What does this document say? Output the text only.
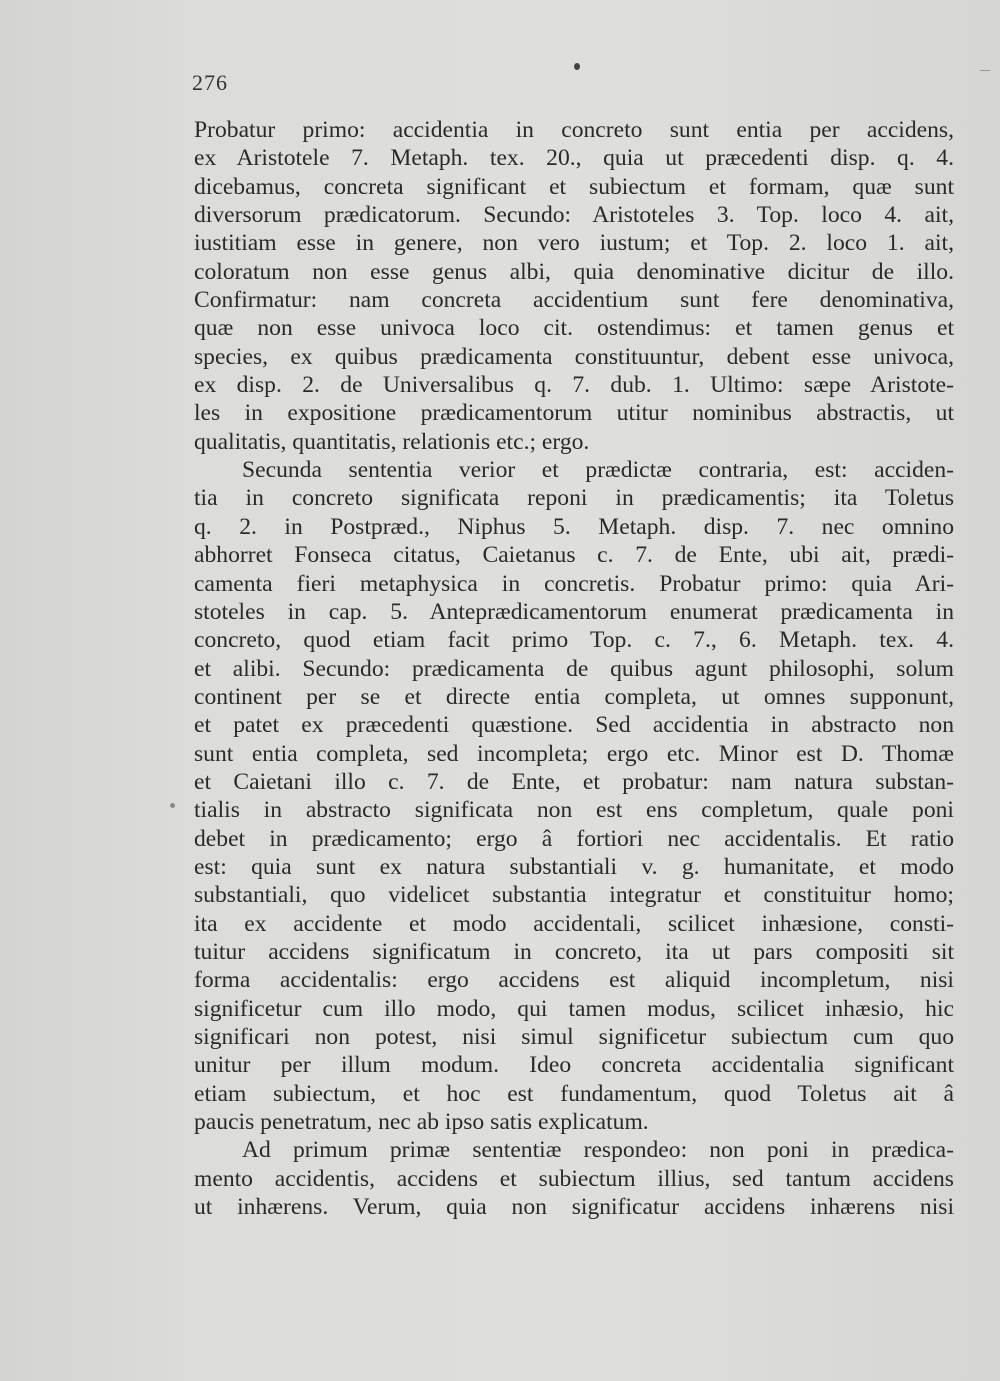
276
Probatur primo: accidentia in concreto sunt entia per accidens,
ex Aristotele 7. Metaph. tex. 20., quia ut præcedenti disp. q. 4.
dicebamus, concreta significant et subiectum et formam, quæ sunt
diversorum prædicatorum. Secundo: Aristoteles 3. Top. loco 4. ait,
iustitiam esse in genere, non vero iustum; et Top. 2. loco 1. ait,
coloratum non esse genus albi, quia denominative dicitur de illo.
Confirmatur: nam concreta accidentium sunt fere denominativa,
quæ non esse univoca loco cit. ostendimus: et tamen genus et
species, ex quibus prædicamenta constituuntur, debent esse univoca,
ex disp. 2. de Universalibus q. 7. dub. 1. Ultimo: sæpe Aristote-
les in expositione prædicamentorum utitur nominibus abstractis, ut
qualitatis, quantitatis, relationis etc.; ergo.
Secunda sententia verior et prædictæ contraria, est: acciden-
tia in concreto significata reponi in prædicamentis; ita Toletus
q. 2. in Postpræd., Niphus 5. Metaph. disp. 7. nec omnino
abhorret Fonseca citatus, Caietanus c. 7. de Ente, ubi ait, prædi-
camenta fieri metaphysica in concretis. Probatur primo: quia Ari-
stoteles in cap. 5. Anteprædicamentorum enumerat prædicamenta in
concreto, quod etiam facit primo Top. c. 7., 6. Metaph. tex. 4.
et alibi. Secundo: prædicamenta de quibus agunt philosophi, solum
continent per se et directe entia completa, ut omnes supponunt,
et patet ex præcedenti quæstione. Sed accidentia in abstracto non
sunt entia completa, sed incompleta; ergo etc. Minor est D. Thomæ
et Caietani illo c. 7. de Ente, et probatur: nam natura substan-
tialis in abstracto significata non est ens completum, quale poni
debet in prædicamento; ergo â fortiori nec accidentalis. Et ratio
est: quia sunt ex natura substantiali v. g. humanitate, et modo
substantiali, quo videlicet substantia integratur et constituitur homo;
ita ex accidente et modo accidentali, scilicet inhæsione, consti-
tuitur accidens significatum in concreto, ita ut pars compositi sit
forma accidentalis: ergo accidens est aliquid incompletum, nisi
significetur cum illo modo, qui tamen modus, scilicet inhæsio, hic
significari non potest, nisi simul significetur subiectum cum quo
unitur per illum modum. Ideo concreta accidentalia significant
etiam subiectum, et hoc est fundamentum, quod Toletus ait â
paucis penetratum, nec ab ipso satis explicatum.
Ad primum primæ sententiæ respondeo: non poni in prædica-
mento accidentis, accidens et subiectum illius, sed tantum accidens
ut inhærens. Verum, quia non significatur accidens inhærens nisi
